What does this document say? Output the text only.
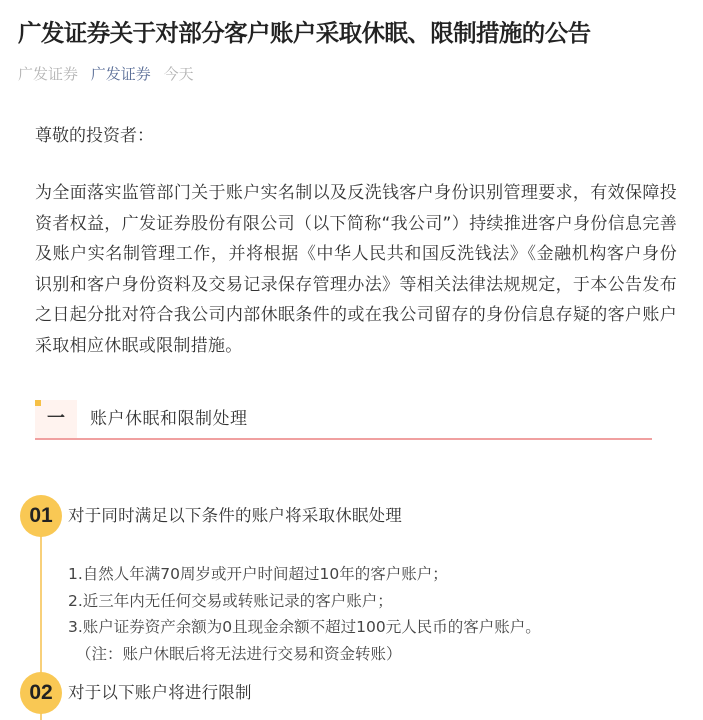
广发证券关于对部分客户账户采取休眠、限制措施的公告
广发证券 广发证券 今天

尊敬的投资者：

为全面落实监管部门关于账户实名制以及反洗钱客户身份识别管理要求，有效保障投资者权益，广发证券股份有限公司（以下简称“我公司”）持续推进客户身份信息完善及账户实名制管理工作，并将根据《中华人民共和国反洗钱法》《金融机构客户身份识别和客户身份资料及交易记录保存管理办法》等相关法律法规规定，于本公告发布之日起分批对符合我公司内部休眠条件的或在我公司留存的身份信息存疑的客户账户采取相应休眠或限制措施。

一	账户休眠和限制处理
01 对于同时满足以下条件的账户将采取休眠处理
1.自然人年满70周岁或开户时间超过10年的客户账户；
2.近三年内无任何交易或转账记录的客户账户；
3.账户证券资产余额为0且现金余额不超过100元人民币的客户账户。
（注：账户休眠后将无法进行交易和资金转账）
02 对于以下账户将进行限制
